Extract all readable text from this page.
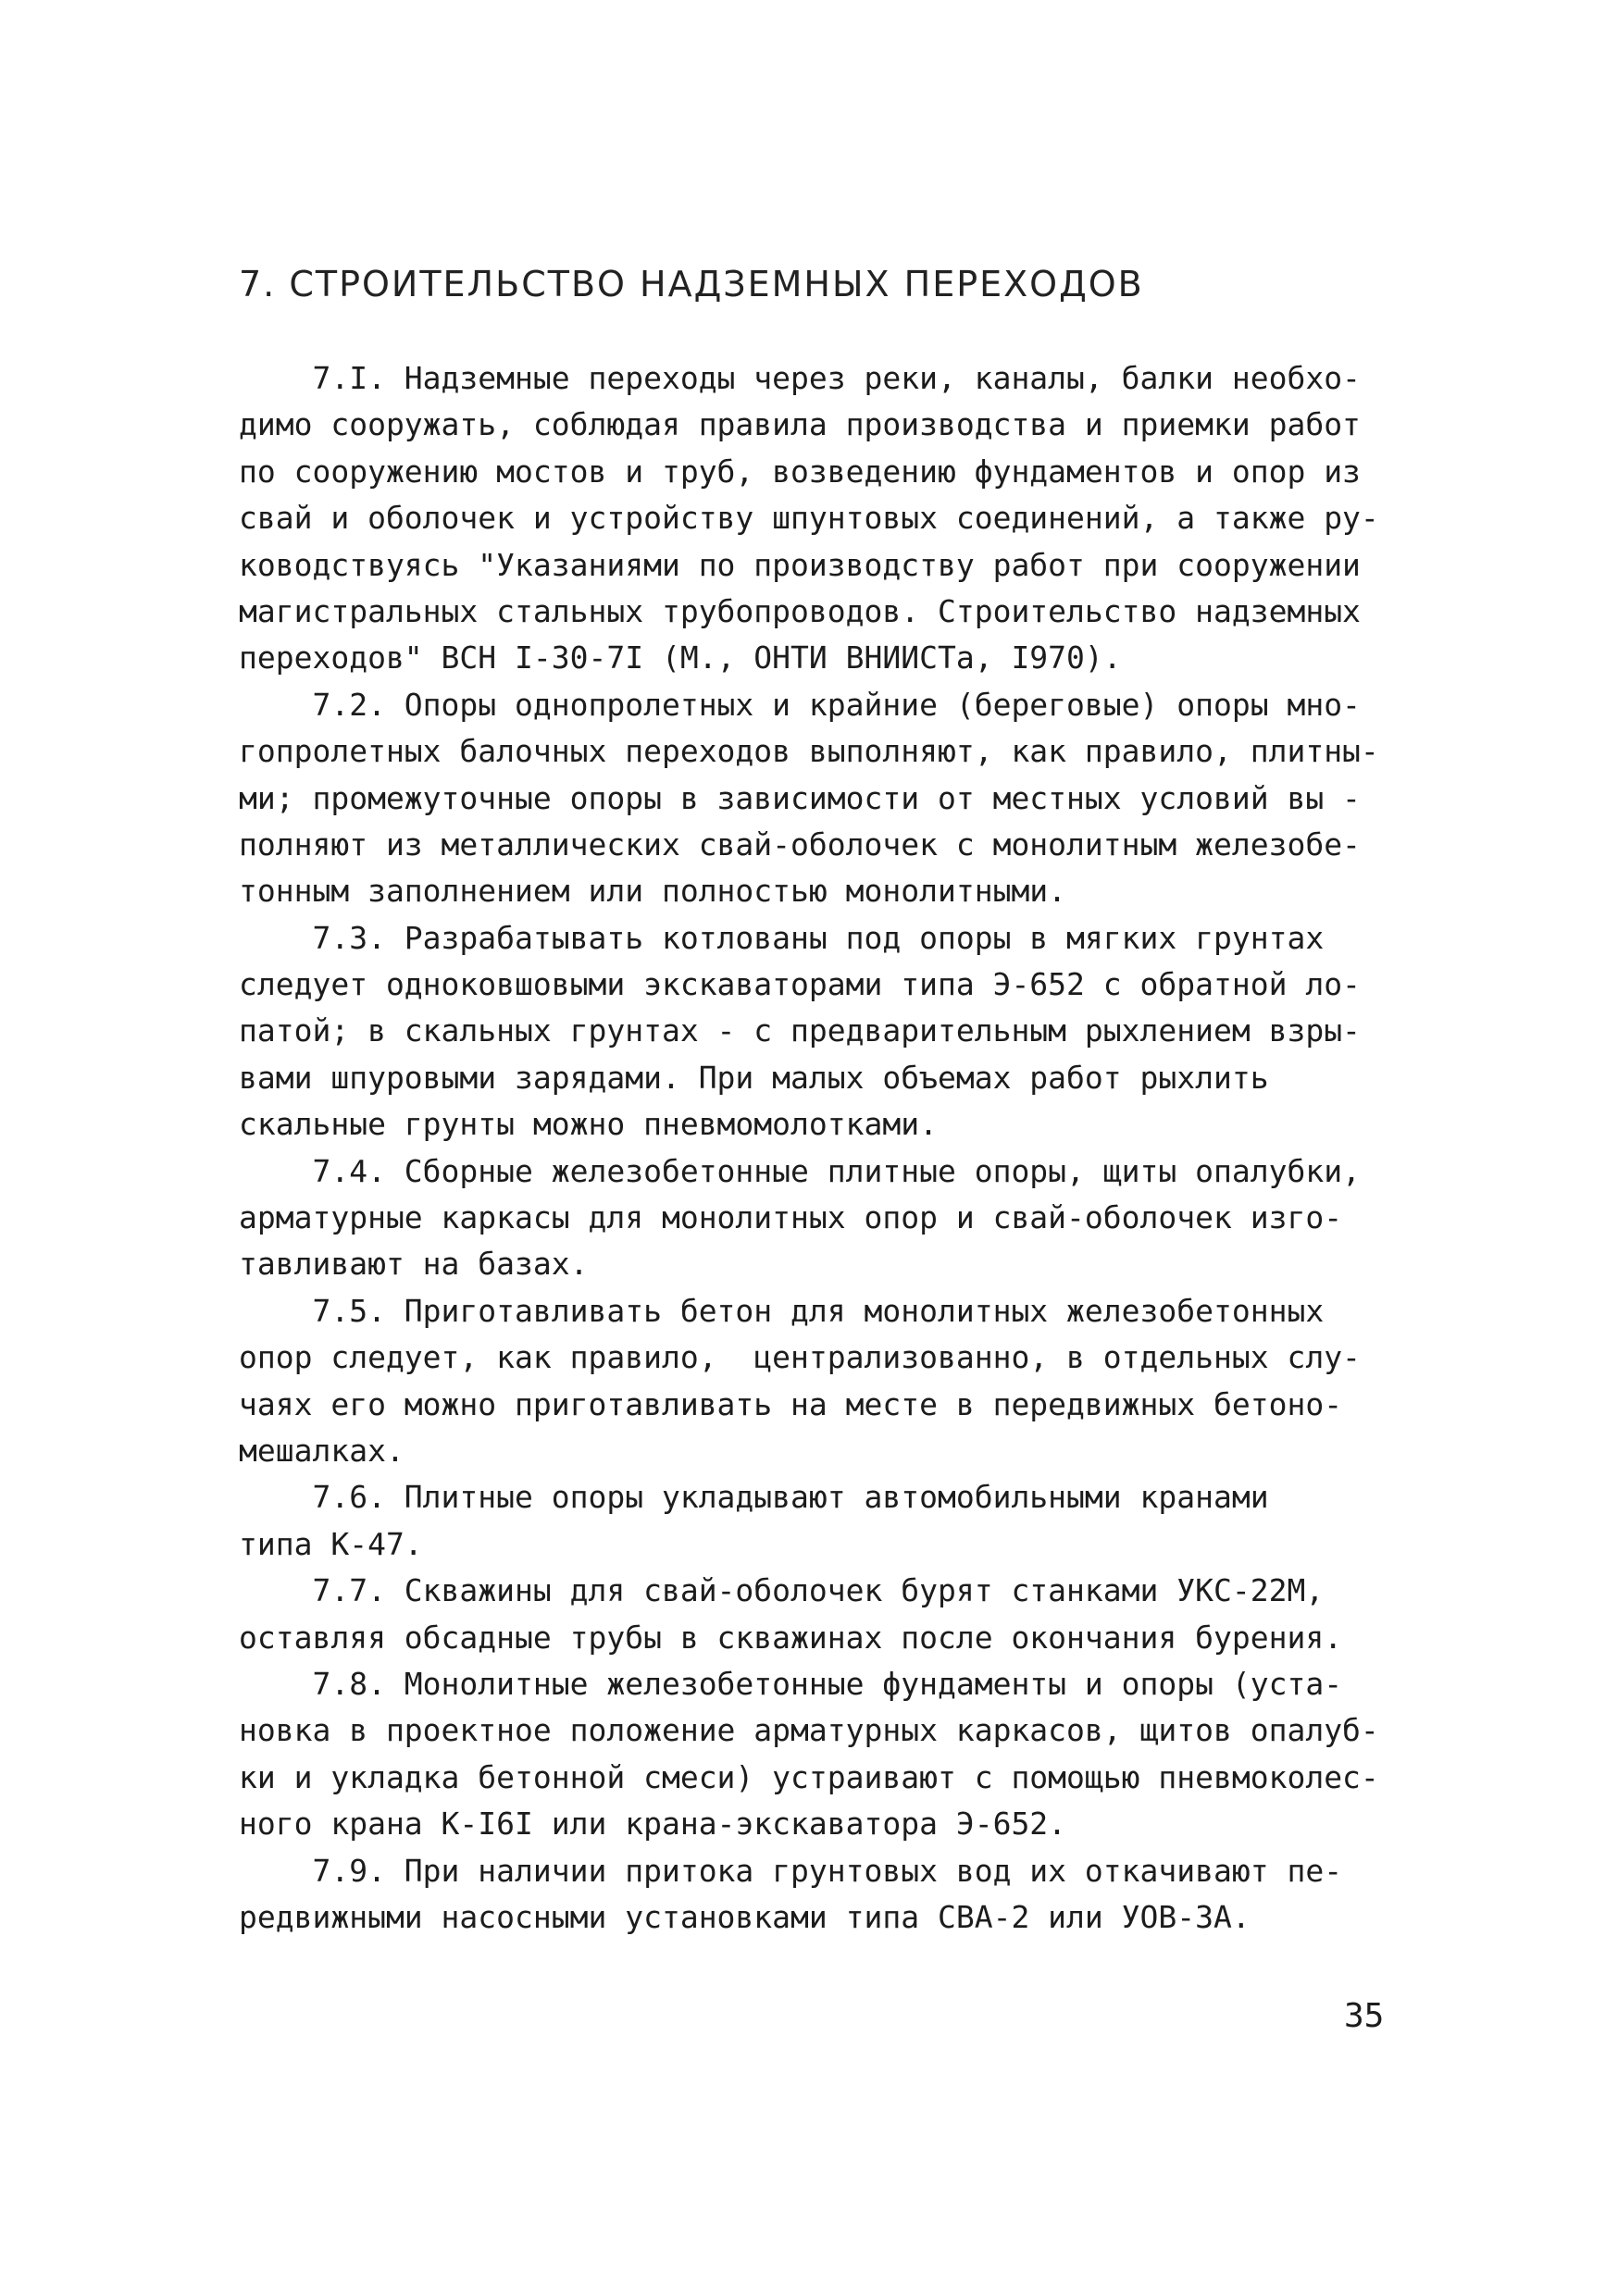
7. СТРОИТЕЛЬСТВО НАДЗЕМНЫХ ПЕРЕХОДОВ
7.I. Надземные переходы через реки, каналы, балки необхо-
димо сооружать, соблюдая правила производства и приемки работ
по сооружению мостов и труб, возведению фундаментов и опор из
свай и оболочек и устройству шпунтовых соединений, а также ру-
ководствуясь "Указаниями по производству работ при сооружении
магистральных стальных трубопроводов. Строительство надземных
переходов" ВСН I-30-7I (М., ОНТИ ВНИИСТа, I970).
7.2. Опоры однопролетных и крайние (береговые) опоры мно-
гопролетных балочных переходов выполняют, как правило, плитны-
ми; промежуточные опоры в зависимости от местных условий вы -
полняют из металлических свай-оболочек с монолитным железобе-
тонным заполнением или полностью монолитными.
7.3. Разрабатывать котлованы под опоры в мягких грунтах
следует одноковшовыми экскаваторами типа Э-652 с обратной ло-
патой; в скальных грунтах - с предварительным рыхлением взры-
вами шпуровыми зарядами. При малых объемах работ рыхлить
скальные грунты можно пневмомолотками.
7.4. Сборные железобетонные плитные опоры, щиты опалубки,
арматурные каркасы для монолитных опор и свай-оболочек изго-
тавливают на базах.
7.5. Приготавливать бетон для монолитных железобетонных
опор следует, как правило,  централизованно, в отдельных слу-
чаях его можно приготавливать на месте в передвижных бетоно-
мешалках.
7.6. Плитные опоры укладывают автомобильными кранами
типа К-47.
7.7. Скважины для свай-оболочек бурят станками УКС-22М,
оставляя обсадные трубы в скважинах после окончания бурения.
7.8. Монолитные железобетонные фундаменты и опоры (уста-
новка в проектное положение арматурных каркасов, щитов опалуб-
ки и укладка бетонной смеси) устраивают с помощью пневмоколес-
ного крана К-I6I или крана-экскаватора Э-652.
7.9. При наличии притока грунтовых вод их откачивают пе-
редвижными насосными установками типа СВА-2 или УОВ-3А.
35
